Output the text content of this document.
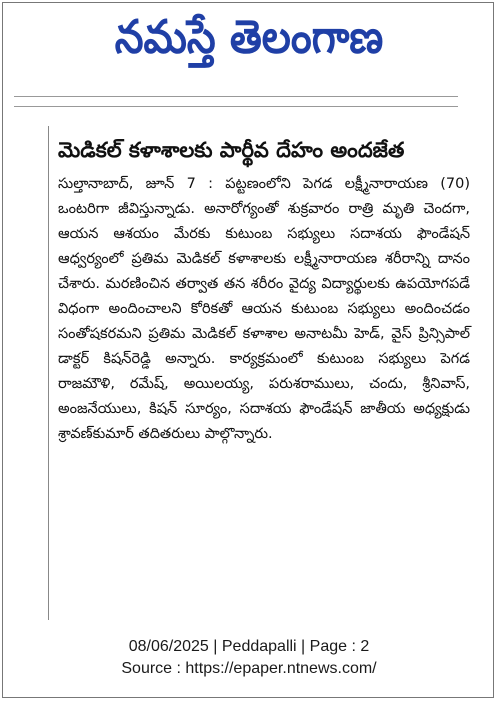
నమస్తే తెలంగాణ
మెడికల్ కళాశాలకు పార్థీవ దేహం అందజేత

సుల్తానాబాద్, జూన్ 7 : పట్టణంలోని పెగడ లక్ష్మీనారాయణ (70) ఒంటరిగా జీవిస్తున్నాడు. అనారోగ్యంతో శుక్రవారం రాత్రి మృతి చెందగా, ఆయన ఆశయం మేరకు కుటుంబ సభ్యులు సదాశయ ఫౌండేషన్ ఆధ్వర్యంలో ప్రతిమ మెడికల్ కళాశాలకు లక్ష్మీనారాయణ శరీరాన్ని దానం చేశారు. మరణించిన తర్వాత తన శరీరం వైద్య విద్యార్థులకు ఉపయోగపడే విధంగా అందించాలని కోరికతో ఆయన కుటుంబ సభ్యులు అందించడం సంతోషకరమని ప్రతిమ మెడికల్ కళాశాల అనాటమీ హెడ్, వైస్ ప్రిన్సిపాల్ డాక్టర్ కిషన్‌రెడ్డి అన్నారు. కార్యక్రమంలో కుటుంబ సభ్యులు పెగడ రాజమౌళి, రమేష్, అయిలయ్య, పరుశరాములు, చందు, శ్రీనివాస్, అంజనేయులు, కిషన్ సూర్యం, సదాశయ ఫౌండేషన్ జాతీయ అధ్యక్షుడు శ్రావణ్‌కుమార్ తదితరులు పాల్గొన్నారు.

08/06/2025 | Peddapalli | Page : 2
Source : https://epaper.ntnews.com/
